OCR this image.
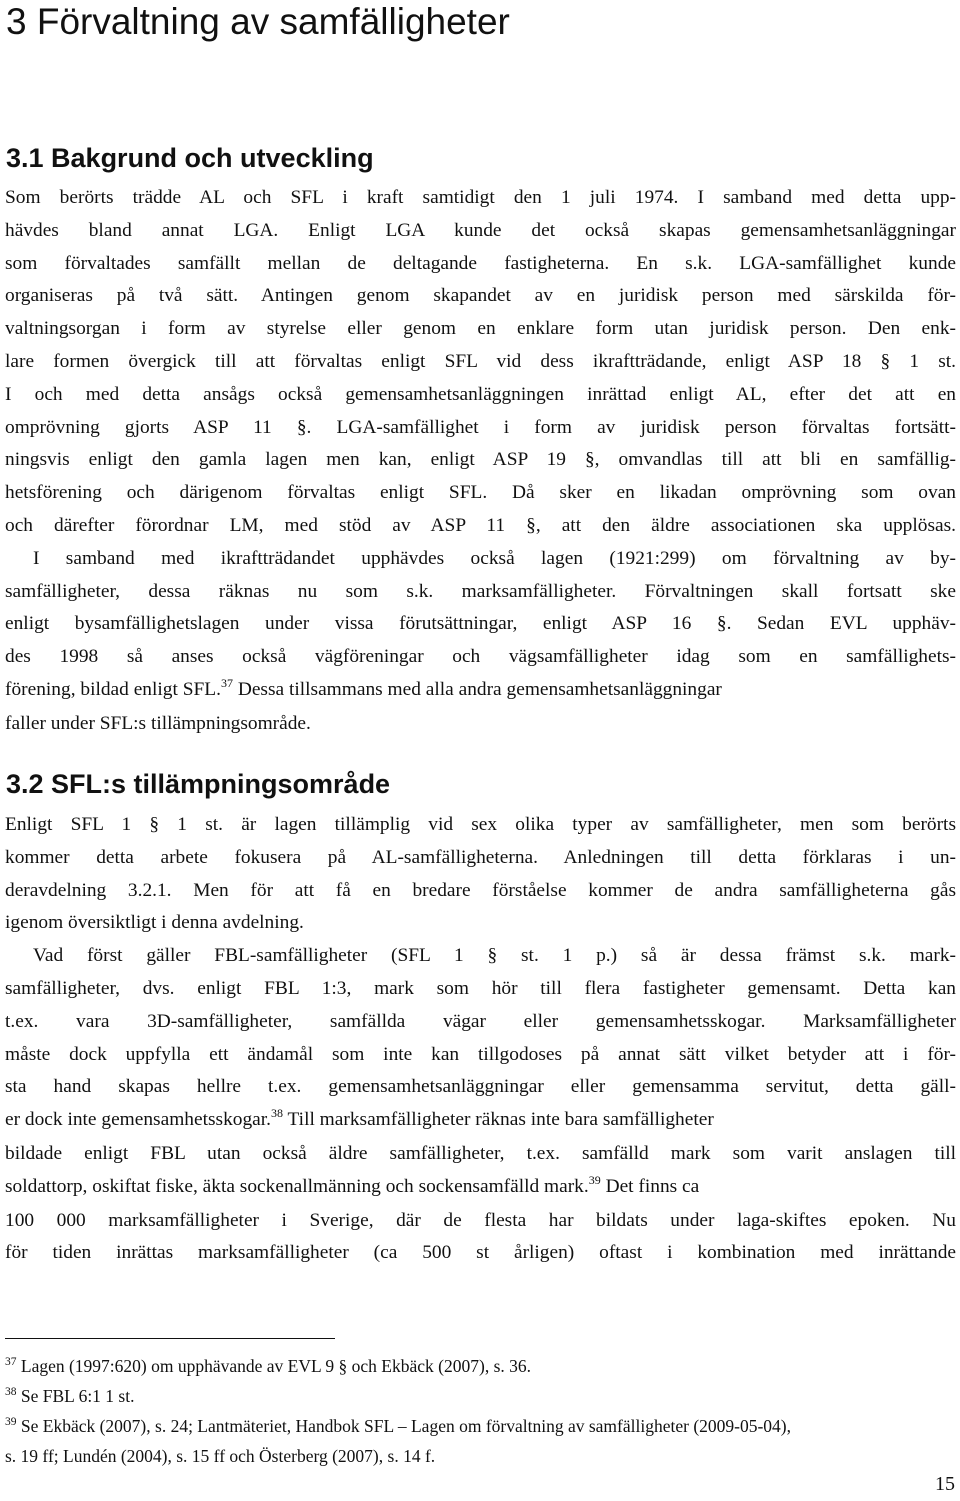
3 Förvaltning av samfälligheter
3.1 Bakgrund och utveckling
Som berörts trädde AL och SFL i kraft samtidigt den 1 juli 1974. I samband med detta upp-
hävdes bland annat LGA. Enligt LGA kunde det också skapas gemensamhetsanläggningar
som förvaltades samfällt mellan de deltagande fastigheterna. En s.k. LGA-samfällighet kunde
organiseras på två sätt. Antingen genom skapandet av en juridisk person med särskilda för-
valtningsorgan i form av styrelse eller genom en enklare form utan juridisk person. Den enk-
lare formen övergick till att förvaltas enligt SFL vid dess ikraftträdande, enligt ASP 18 § 1 st.
I och med detta ansågs också gemensamhetsanläggningen inrättad enligt AL, efter det att en
omprövning gjorts ASP 11 §. LGA-samfällighet i form av juridisk person förvaltas fortsätt-
ningsvis enligt den gamla lagen men kan, enligt ASP 19 §, omvandlas till att bli en samfällig-
hetsförening och därigenom förvaltas enligt SFL. Då sker en likadan omprövning som ovan
och därefter förordnar LM, med stöd av ASP 11 §, att den äldre associationen ska upplösas.
I samband med ikraftträdandet upphävdes också lagen (1921:299) om förvaltning av by-
samfälligheter, dessa räknas nu som s.k. marksamfälligheter. Förvaltningen skall fortsatt ske
enligt bysamfällighetslagen under vissa förutsättningar, enligt ASP 16 §. Sedan EVL upphäv-
des 1998 så anses också vägföreningar och vägsamfälligheter idag som en samfällighets-
förening, bildad enligt SFL.$^{37}$ Dessa tillsammans med alla andra gemensamhetsanläggningar
faller under SFL:s tillämpningsområde.
3.2 SFL:s tillämpningsområde
Enligt SFL 1 § 1 st. är lagen tillämplig vid sex olika typer av samfälligheter, men som berörts
kommer detta arbete fokusera på AL-samfälligheterna. Anledningen till detta förklaras i un-
deravdelning 3.2.1. Men för att få en bredare förståelse kommer de andra samfälligheterna gås
igenom översiktligt i denna avdelning.
Vad först gäller FBL-samfälligheter (SFL 1 § st. 1 p.) så är dessa främst s.k. mark-
samfälligheter, dvs. enligt FBL 1:3, mark som hör till flera fastigheter gemensamt. Detta kan
t.ex. vara 3D-samfälligheter, samfällda vägar eller gemensamhetsskogar. Marksamfälligheter
måste dock uppfylla ett ändamål som inte kan tillgodoses på annat sätt vilket betyder att i för-
sta hand skapas hellre t.ex. gemensamhetsanläggningar eller gemensamma servitut, detta gäll-
er dock inte gemensamhetsskogar.$^{38}$ Till marksamfälligheter räknas inte bara samfälligheter
bildade enligt FBL utan också äldre samfälligheter, t.ex. samfälld mark som varit anslagen till
soldattorp, oskiftat fiske, äkta sockenallmänning och sockensamfälld mark.$^{39}$ Det finns ca
100 000 marksamfälligheter i Sverige, där de flesta har bildats under laga-skiftes epoken. Nu
för tiden inrättas marksamfälligheter (ca 500 st årligen) oftast i kombination med inrättande
$^{37}$ Lagen (1997:620) om upphävande av EVL 9 § och Ekbäck (2007), s. 36.
$^{38}$ Se FBL 6:1 1 st.
$^{39}$ Se Ekbäck (2007), s. 24; Lantmäteriet, Handbok SFL – Lagen om förvaltning av samfälligheter (2009-05-04),
s. 19 ff; Lundén (2004), s. 15 ff och Österberg (2007), s. 14 f.
15
